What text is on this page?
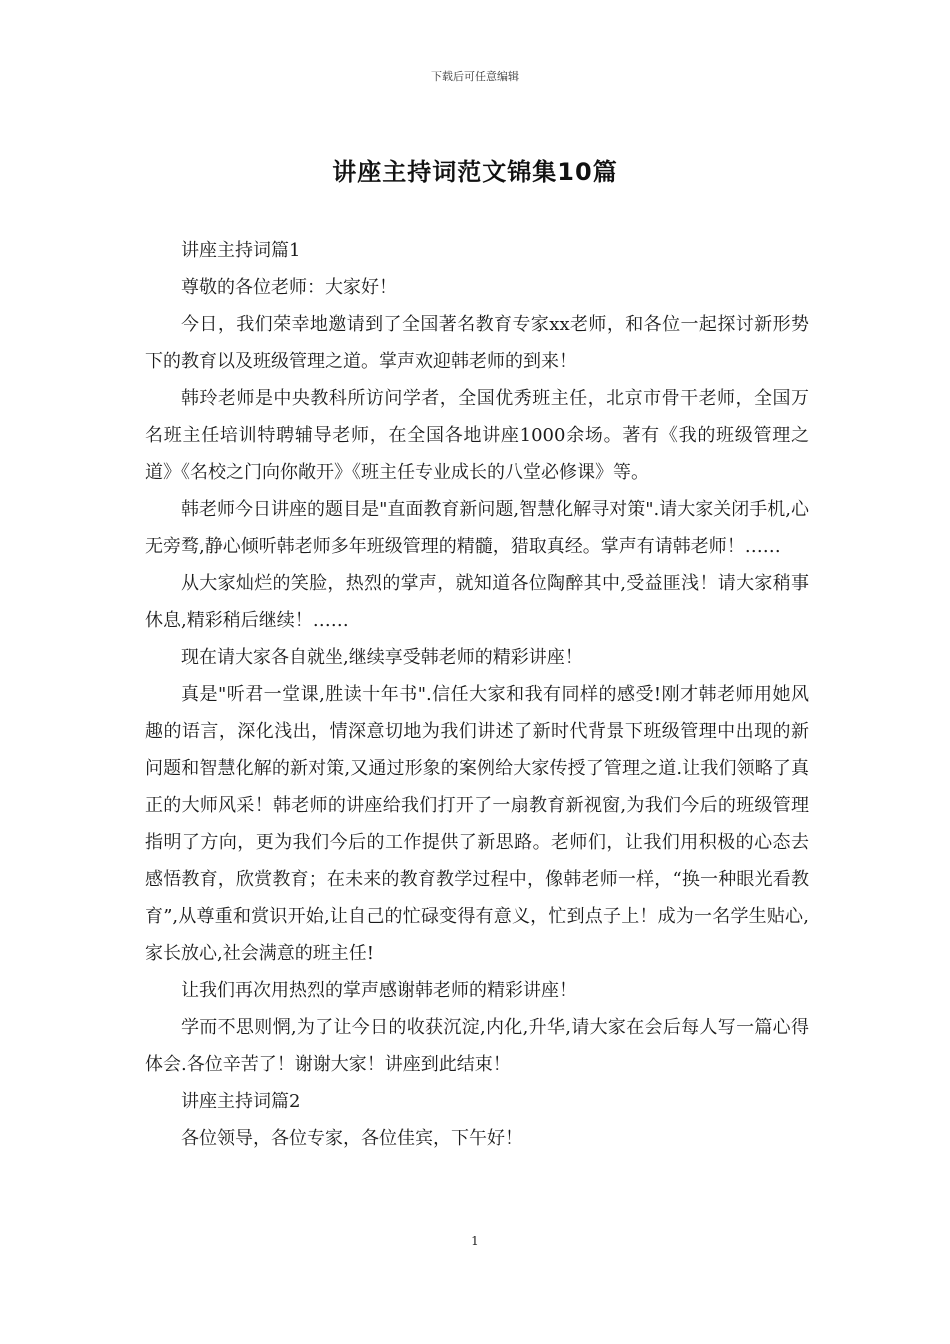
下载后可任意编辑
讲座主持词范文锦集10篇

讲座主持词篇1

尊敬的各位老师：大家好！

今日，我们荣幸地邀请到了全国著名教育专家xx老师，和各位一起探讨新形势下的教育以及班级管理之道。掌声欢迎韩老师的到来！

韩玲老师是中央教科所访问学者，全国优秀班主任，北京市骨干老师，全国万名班主任培训特聘辅导老师，在全国各地讲座1000余场。著有《我的班级管理之道》《名校之门向你敞开》《班主任专业成长的八堂必修课》等。

韩老师今日讲座的题目是"直面教育新问题,智慧化解寻对策".请大家关闭手机,心无旁骛,静心倾听韩老师多年班级管理的精髓，猎取真经。掌声有请韩老师！……

从大家灿烂的笑脸，热烈的掌声，就知道各位陶醉其中,受益匪浅！请大家稍事休息,精彩稍后继续！……

现在请大家各自就坐,继续享受韩老师的精彩讲座！

真是"听君一堂课,胜读十年书".信任大家和我有同样的感受!刚才韩老师用她风趣的语言，深化浅出，情深意切地为我们讲述了新时代背景下班级管理中出现的新问题和智慧化解的新对策,又通过形象的案例给大家传授了管理之道.让我们领略了真正的大师风采！韩老师的讲座给我们打开了一扇教育新视窗,为我们今后的班级管理指明了方向，更为我们今后的工作提供了新思路。老师们，让我们用积极的心态去感悟教育，欣赏教育；在未来的教育教学过程中，像韩老师一样，“换一种眼光看教育”,从尊重和赏识开始,让自己的忙碌变得有意义，忙到点子上！成为一名学生贴心,家长放心,社会满意的班主任!

让我们再次用热烈的掌声感谢韩老师的精彩讲座！

学而不思则惘,为了让今日的收获沉淀,内化,升华,请大家在会后每人写一篇心得体会.各位辛苦了！谢谢大家！讲座到此结束！

讲座主持词篇2

各位领导，各位专家，各位佳宾，下午好！

1
